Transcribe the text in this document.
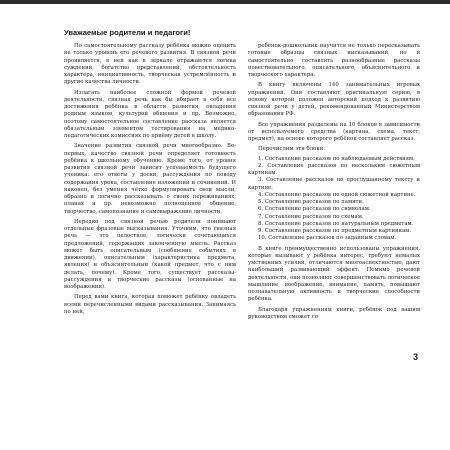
Уважаемые родители и педагоги!

По самостоятельному рассказу ребёнка можно оценить не только уровень его речевого развития. В связной речи проявляется, в ней как в зеркале отражаются логика суждений, богатство представлений, обстоятельность характера, инициативность, творческая устремлённость и другие качества личности.

Излагать наиболее сложной формой речевой деятельности, связная речь как бы вбирает в себя все достижения ребёнка в области развития, овладения родным языком, культурой общения и пр. Возможно, поэтому самостоятельное составление рассказа является обязательным элементом тестирования на медико-педагогических комиссиях по приёму детей в школу.

Значение развития связной речи многообразно. Во-первых, качество связной речи определяет готовность ребёнка к школьному обучению. Кроме того, от уровня развития связной речи зависит успеваемость будущего ученика: его ответы у доски, рассуждения по поводу содержания урока, составление изложений и сочинений. И наконец, без умения чётко формулировать свои мысли, образно и логично рассказывать о своих переживаниях, планах и пр. невозможно полноценное общение, творчество, самопознание и самовыражение личности.

Нередко под связной речью родители понимают отдельные фразовые высказывания. Уточним, что связная речь — это целостное, логически сочетающихся предложений, содержащих законченную мысль. Рассказ может быть описательным (сообщение событиях в движении), описательным (характеристика предмета, явления) и объяснительный (какой предмет, что с ним делать, почему). Кроме того, существует рассказы-рассуждения и творческие рассказы (основанные на воображении).

Перед вами книга, которая поможет ребёнку овладеть всеми перечисленными видами рассказывания. Занимаясь по ней,

ребёнок-дошкольник научится не только пересказывать готовые образцы связных высказываний, но и самостоятельно составлять разнообразные рассказы повествовательного, описательного, объяснительного и творческого характера.

В книгу включены 140 занимательных игровых упражнений. Они составляют оригинальную серию, в основу которой положен авторский подход к развитию связной речи у детей, рекомендованный Министерством образования РФ.

Все упражнения разделены на 10 блоков в зависимости от используемого средства (картина, схема, текст, предмет), на основе которого ребёнок составляет рассказ.

Перечислим эти блоки:

1. Составление рассказов по наблюдаемым действиям.
2. Составление рассказов по нескольким сюжетным картинам.
3. Составление рассказов по прослушанному тексту и картине.
4. Составление рассказов по одной сюжетной картине.
5. Составление рассказов по памяти.
6. Составление рассказов по символам.
7. Составление рассказов по схемам.
8. Составление рассказов по натуральным предметам.
9. Составление рассказов по предметным картинкам.
10. Составление рассказов по заданным словам.

В книге преимущественно использованы упражнения, которые вызывают у ребёнка интерес, требуют немалых умственных усилий, отличаются многоаспектностью, дают наибольший развивающий эффект. Помимо речевой деятельности, они позволяют совершенствовать логическое мышление, воображение, внимание, память, повышают познавательную активность и творческие способности ребёнка.

Благодаря упражнениям книги, ребёнок под вашим руководством сможет со

3
